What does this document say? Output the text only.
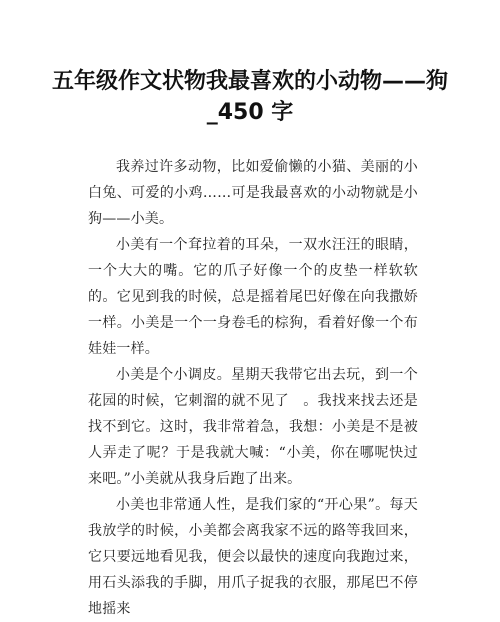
五年级作文状物我最喜欢的小动物——狗_450 字

我养过许多动物，比如爱偷懒的小猫、美丽的小白兔、可爱的小鸡……可是我最喜欢的小动物就是小狗——小美。

小美有一个耷拉着的耳朵，一双水汪汪的眼睛，一个大大的嘴。它的爪子好像一个的皮垫一样软软的。它见到我的时候，总是摇着尾巴好像在向我撒娇一样。小美是一个一身卷毛的棕狗，看着好像一个布娃娃一样。

小美是个小调皮。星期天我带它出去玩，到一个花园的时候，它刺溜的就不见了　。我找来找去还是找不到它。这时，我非常着急，我想：小美是不是被人弄走了呢？于是我就大喊：“小美，你在哪呢快过来吧。”小美就从我身后跑了出来。

小美也非常通人性，是我们家的“开心果”。每天我放学的时候，小美都会离我家不远的路等我回来，它只要远地看见我，便会以最快的速度向我跑过来，用石头添我的手脚，用爪子捉我的衣服，那尾巴不停地摇来
